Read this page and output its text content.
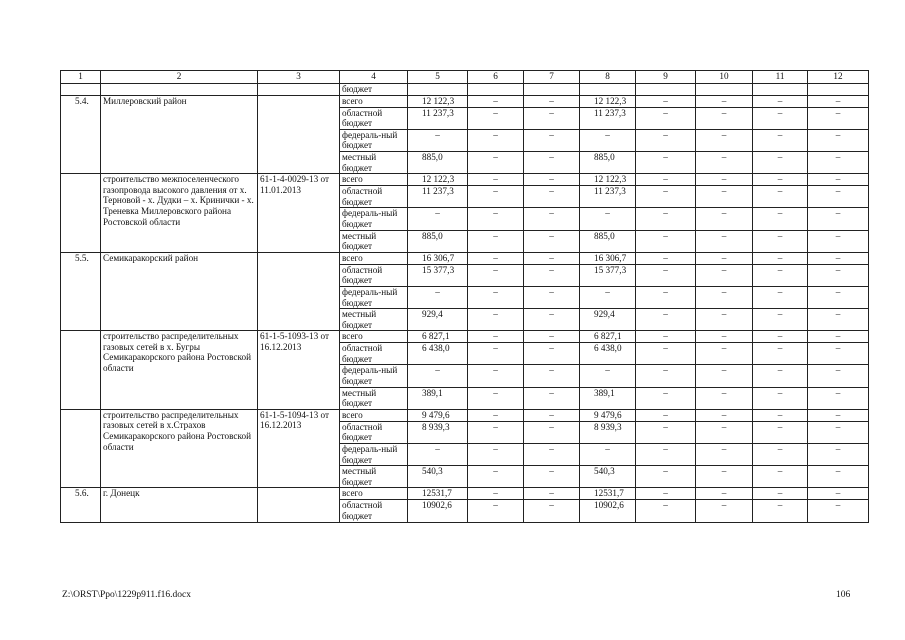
1	2	3	4	5	6	7	8	9	10	11	12
			бюджет								
5.4.	Миллеровский район		всего	12 122,3	–	–	12 122,3	–	–	–	–
			областной бюджет	11 237,3	–	–	11 237,3	–	–	–	–
			федераль-ный бюджет	–	–	–	–	–	–	–	–
			местный бюджет	885,0	–	–	885,0	–	–	–	–
	строительство межпоселенческого газопровода высокого давления от х. Терновой - х. Дудки – х. Кринички - х. Треневка Миллеровского района Ростовской области	61-1-4-0029-13 от 11.01.2013	всего	12 122,3	–	–	12 122,3	–	–	–	–
			областной бюджет	11 237,3	–	–	11 237,3	–	–	–	–
			федераль-ный бюджет	–	–	–	–	–	–	–	–
			местный бюджет	885,0	–	–	885,0	–	–	–	–
5.5.	Семикаракорский район		всего	16 306,7	–	–	16 306,7	–	–	–	–
			областной бюджет	15 377,3	–	–	15 377,3	–	–	–	–
			федераль-ный бюджет	–	–	–	–	–	–	–	–
			местный бюджет	929,4	–	–	929,4	–	–	–	–
	строительство распределительных газовых сетей в х. Бугры Семикаракорского района Ростовской области	61-1-5-1093-13 от 16.12.2013	всего	6 827,1	–	–	6 827,1	–	–	–	–
			областной бюджет	6 438,0	–	–	6 438,0	–	–	–	–
			федераль-ный бюджет	–	–	–	–	–	–	–	–
			местный бюджет	389,1	–	–	389,1	–	–	–	–
	строительство распределительных газовых сетей в х.Страхов Семикаракорского района Ростовской области	61-1-5-1094-13 от 16.12.2013	всего	9 479,6	–	–	9 479,6	–	–	–	–
			областной бюджет	8 939,3	–	–	8 939,3	–	–	–	–
			федераль-ный бюджет	–	–	–	–	–	–	–	–
			местный бюджет	540,3	–	–	540,3	–	–	–	–
5.6.	г. Донецк		всего	12531,7	–	–	12531,7	–	–	–	–
			областной бюджет	10902,6	–	–	10902,6	–	–	–	–
Z:\ORST\Ppo\1229p911.f16.docx	106
